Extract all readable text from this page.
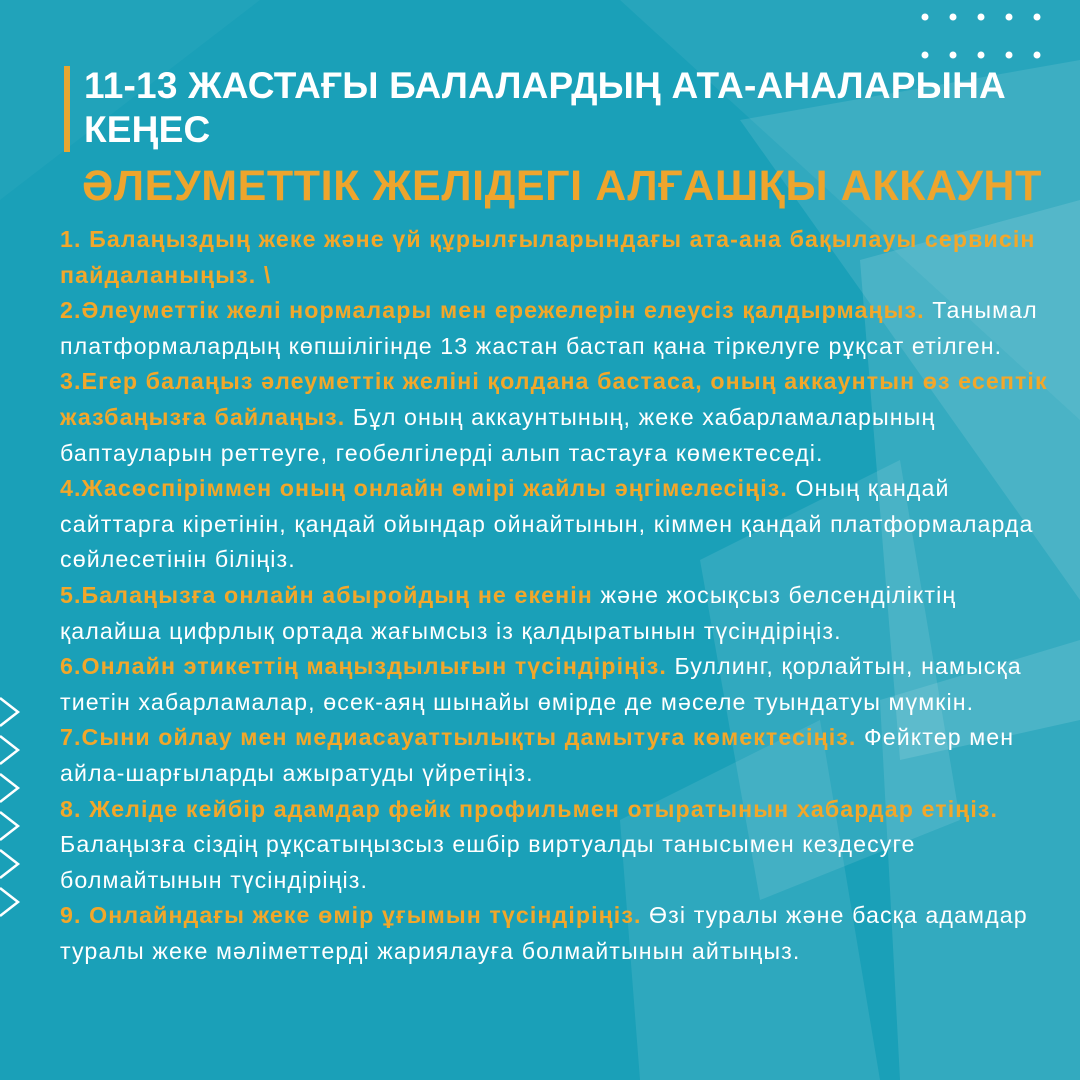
11-13 ЖАСТАҒЫ БАЛАЛАРДЫҢ АТА-АНАЛАРЫНА КЕҢЕС
ӘЛЕУМЕТТІК ЖЕЛІДЕГІ АЛҒАШҚЫ АККАУНТ

1. Балаңыздың жеке және үй құрылғыларындағы ата-ана бақылауы сервисін пайдаланыңыз. \

2.Әлеуметтік желі нормалары мен ережелерін елеусіз қалдырмаңыз. Танымал платформалардың көпшілігінде 13 жастан бастап қана тіркелуге рұқсат етілген.

3.Егер балаңыз әлеуметтік желіні қолдана бастаса, оның аккаунтын өз есептік жазбаңызға байлаңыз. Бұл оның аккаунтының, жеке хабарламаларының баптауларын реттеуге, геобелгілерді алып тастауға көмектеседі.

4.Жасөспіріммен оның онлайн өмірі жайлы әңгімелесіңіз. Оның қандай сайттарга кіретінін, қандай ойындар ойнайтынын, кіммен қандай платформаларда сөйлесетінін біліңіз.

5.Балаңызға онлайн абыройдың не екенін және жосықсыз белсенділіктің қалайша цифрлық ортада жағымсыз із қалдыратынын түсіндіріңіз.

6.Онлайн этикеттің маңыздылығын түсіндіріңіз. Буллинг, қорлайтын, намысқа тиетін хабарламалар, өсек-аяң шынайы өмірде де мәселе туындатуы мүмкін.

7.Сыни ойлау мен медиасауаттылықты дамытуға көмектесіңіз. Фейктер мен айла-шарғыларды ажыратуды үйретіңіз.

8. Желіде кейбір адамдар фейк профильмен отыратынын хабардар етіңіз. Балаңызға сіздің рұқсатыңызсыз ешбір виртуалды танысымен кездесуге болмайтынын түсіндіріңіз.

9. Онлайндағы жеке өмір ұғымын түсіндіріңіз. Өзі туралы және басқа адамдар туралы жеке мәліметтерді жариялауға болмайтынын айтыңыз.
